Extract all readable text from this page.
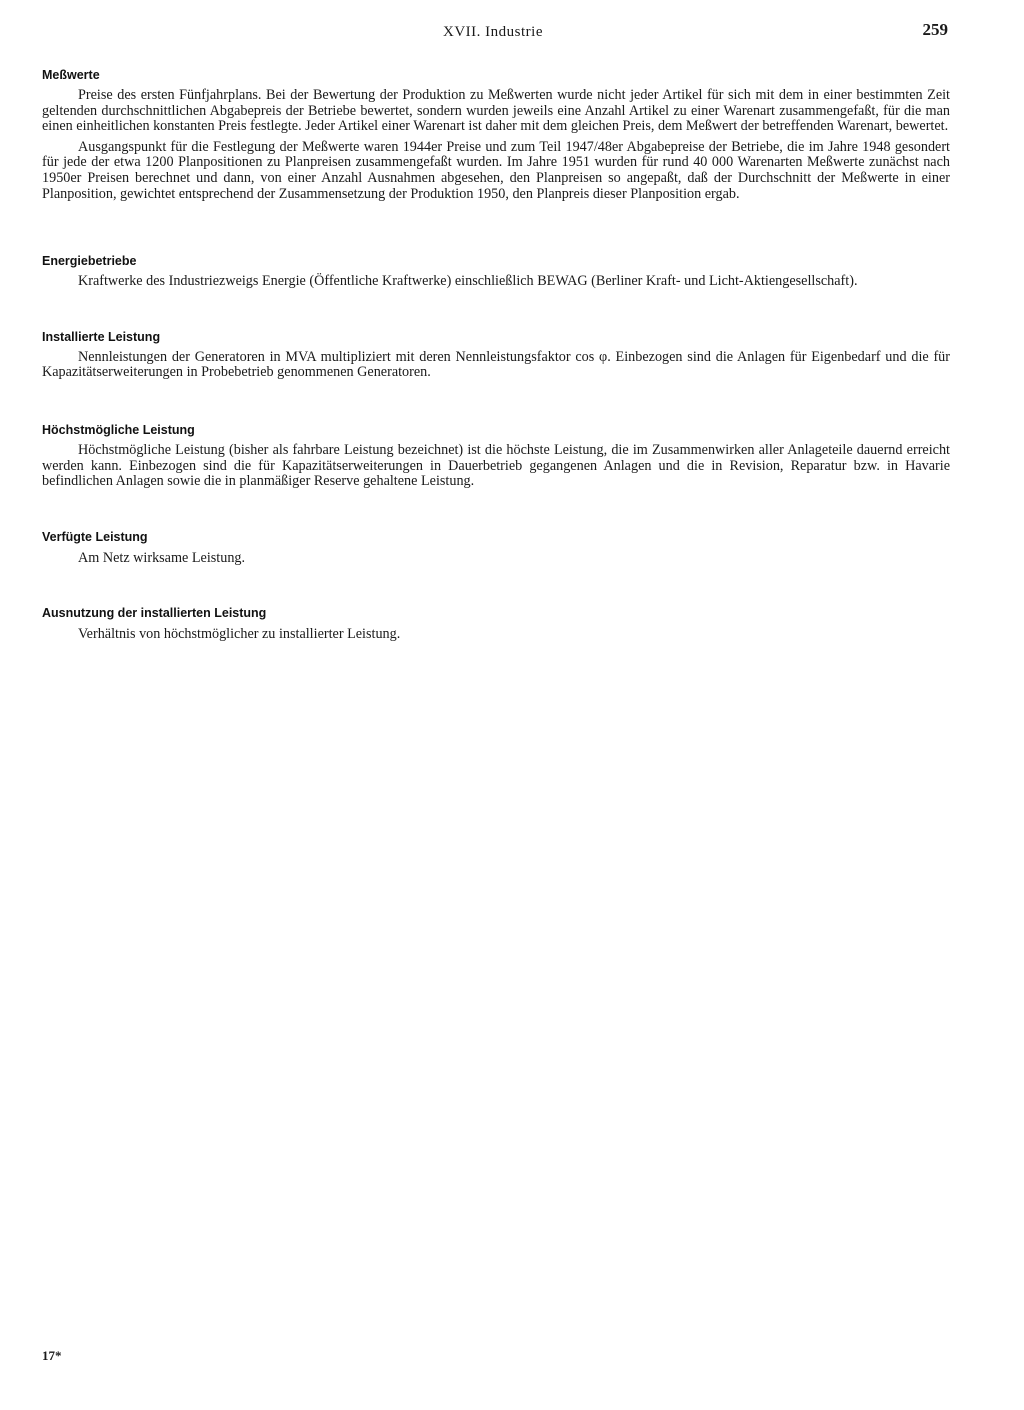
XVII. Industrie	259
Meßwerte

Preise des ersten Fünfjahrplans. Bei der Bewertung der Produktion zu Meßwerten wurde nicht jeder Artikel für sich mit dem in einer bestimmten Zeit geltenden durchschnittlichen Abgabepreis der Betriebe bewertet, sondern wurden jeweils eine Anzahl Artikel zu einer Warenart zusammengefaßt, für die man einen einheitlichen konstanten Preis festlegte. Jeder Artikel einer Warenart ist daher mit dem gleichen Preis, dem Meßwert der betreffenden Warenart, bewertet.

Ausgangspunkt für die Festlegung der Meßwerte waren 1944er Preise und zum Teil 1947/48er Abgabepreise der Betriebe, die im Jahre 1948 gesondert für jede der etwa 1200 Planpositionen zu Planpreisen zusammengefaßt wurden. Im Jahre 1951 wurden für rund 40 000 Warenarten Meßwerte zunächst nach 1950er Preisen berechnet und dann, von einer Anzahl Ausnahmen abgesehen, den Planpreisen so angepaßt, daß der Durchschnitt der Meßwerte in einer Planposition, gewichtet entsprechend der Zusammensetzung der Produktion 1950, den Planpreis dieser Planposition ergab.

Energiebetriebe

Kraftwerke des Industriezweigs Energie (Öffentliche Kraftwerke) einschließlich BEWAG (Berliner Kraft- und Licht-Aktiengesellschaft).

Installierte Leistung

Nennleistungen der Generatoren in MVA multipliziert mit deren Nennleistungsfaktor cos φ. Einbezogen sind die Anlagen für Eigenbedarf und die für Kapazitätserweiterungen in Probebetrieb genommenen Generatoren.

Höchstmögliche Leistung

Höchstmögliche Leistung (bisher als fahrbare Leistung bezeichnet) ist die höchste Leistung, die im Zusammenwirken aller Anlageteile dauernd erreicht werden kann. Einbezogen sind die für Kapazitätserweiterungen in Dauerbetrieb gegangenen Anlagen und die in Revision, Reparatur bzw. in Havarie befindlichen Anlagen sowie die in planmäßiger Reserve gehaltene Leistung.

Verfügte Leistung
Am Netz wirksame Leistung.
Ausnutzung der installierten Leistung
Verhältnis von höchstmöglicher zu installierter Leistung.
17*
